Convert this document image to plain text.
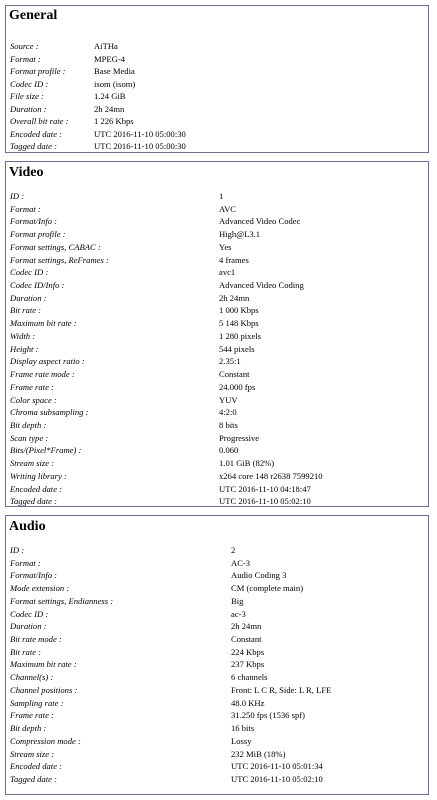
General
Source :	AiTHa
Format :	MPEG-4
Format profile :	Base Media
Codec ID :	isom (isom)
File size :	1.24 GiB
Duration :	2h 24mn
Overall bit rate :	1 226 Kbps
Encoded date :	UTC 2016-11-10 05:00:30
Tagged date :	UTC 2016-11-10 05:00:30
Video
ID :	1
Format :	AVC
Format/Info :	Advanced Video Codec
Format profile :	High@L3.1
Format settings, CABAC :	Yes
Format settings, ReFrames :	4 frames
Codec ID :	avc1
Codec ID/Info :	Advanced Video Coding
Duration :	2h 24mn
Bit rate :	1 000 Kbps
Maximum bit rate :	5 148 Kbps
Width :	1 280 pixels
Height :	544 pixels
Display aspect ratio :	2.35:1
Frame rate mode :	Constant
Frame rate :	24.000 fps
Color space :	YUV
Chroma subsampling :	4:2:0
Bit depth :	8 bits
Scan type :	Progressive
Bits/(Pixel*Frame) :	0.060
Stream size :	1.01 GiB (82%)
Writing library :	x264 core 148 r2638 7599210
Encoded date :	UTC 2016-11-10 04:18:47
Tagged date :	UTC 2016-11-10 05:02:10
Audio
ID :	2
Format :	AC-3
Format/Info :	Audio Coding 3
Mode extension :	CM (complete main)
Format settings, Endianness :	Big
Codec ID :	ac-3
Duration :	2h 24mn
Bit rate mode :	Constant
Bit rate :	224 Kbps
Maximum bit rate :	237 Kbps
Channel(s) :	6 channels
Channel positions :	Front: L C R, Side: L R, LFE
Sampling rate :	48.0 KHz
Frame rate :	31.250 fps (1536 spf)
Bit depth :	16 bits
Compression mode :	Lossy
Stream size :	232 MiB (18%)
Encoded date :	UTC 2016-11-10 05:01:34
Tagged date :	UTC 2016-11-10 05:02:10
